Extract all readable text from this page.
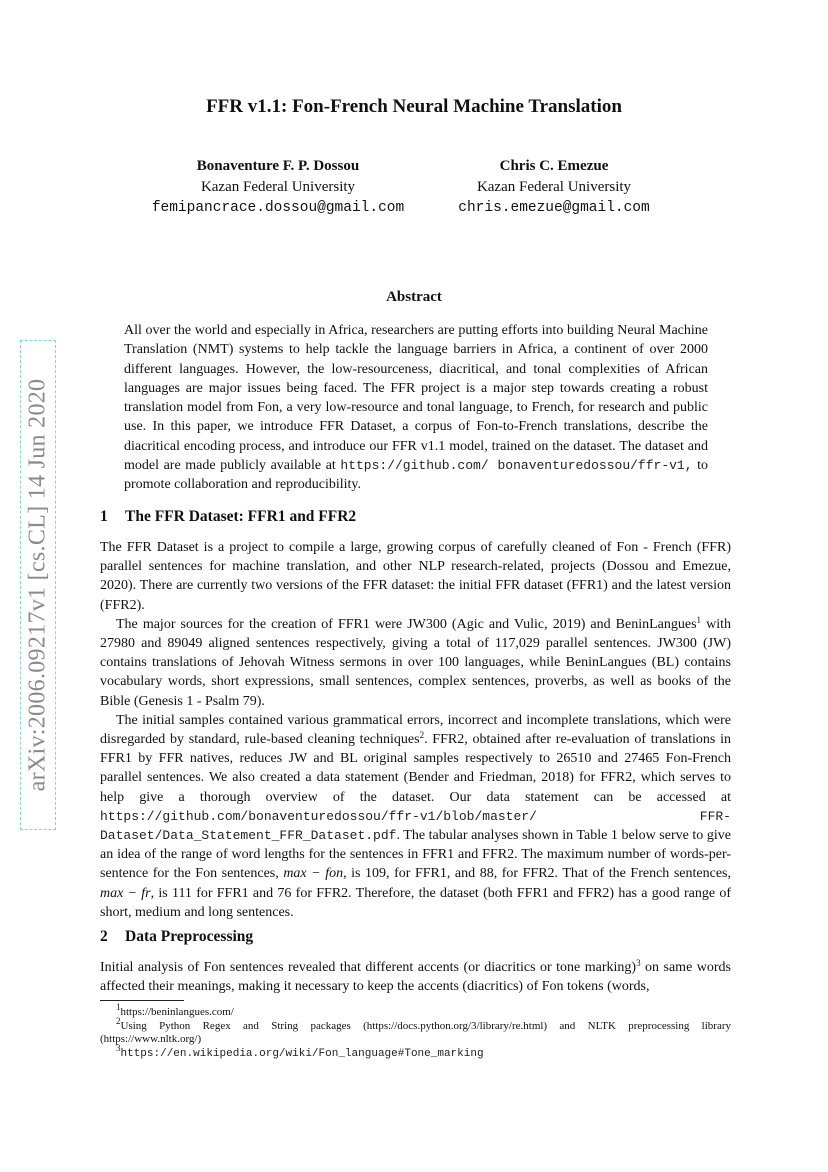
arXiv:2006.09217v1 [cs.CL] 14 Jun 2020
FFR v1.1: Fon-French Neural Machine Translation
Bonaventure F. P. Dossou
Kazan Federal University
femipancrace.dossou@gmail.com
Chris C. Emezue
Kazan Federal University
chris.emezue@gmail.com
Abstract
All over the world and especially in Africa, researchers are putting efforts into building Neural Machine Translation (NMT) systems to help tackle the language barriers in Africa, a continent of over 2000 different languages. However, the low-resourceness, diacritical, and tonal complexities of African languages are major issues being faced. The FFR project is a major step towards creating a robust translation model from Fon, a very low-resource and tonal language, to French, for research and public use. In this paper, we introduce FFR Dataset, a corpus of Fon-to-French translations, describe the diacritical encoding process, and introduce our FFR v1.1 model, trained on the dataset. The dataset and model are made publicly available at https://github.com/ bonaventuredossou/ffr-v1, to promote collaboration and reproducibility.
1 The FFR Dataset: FFR1 and FFR2

The FFR Dataset is a project to compile a large, growing corpus of carefully cleaned of Fon - French (FFR) parallel sentences for machine translation, and other NLP research-related, projects (Dossou and Emezue, 2020). There are currently two versions of the FFR dataset: the initial FFR dataset (FFR1) and the latest version (FFR2).

The major sources for the creation of FFR1 were JW300 (Agic and Vulic, 2019) and BeninLangues$^1$ with 27980 and 89049 aligned sentences respectively, giving a total of 117,029 parallel sentences. JW300 (JW) contains translations of Jehovah Witness sermons in over 100 languages, while BeninLangues (BL) contains vocabulary words, short expressions, small sentences, complex sentences, proverbs, as well as books of the Bible (Genesis 1 - Psalm 79).

The initial samples contained various grammatical errors, incorrect and incomplete translations, which were disregarded by standard, rule-based cleaning techniques$^2$. FFR2, obtained after re-evaluation of translations in FFR1 by FFR natives, reduces JW and BL original samples respectively to 26510 and 27465 Fon-French parallel sentences. We also created a data statement (Bender and Friedman, 2018) for FFR2, which serves to help give a thorough overview of the dataset. Our data statement can be accessed at https://github.com/bonaventuredossou/ffr-v1/blob/master/ FFR-Dataset/Data_Statement_FFR_Dataset.pdf. The tabular analyses shown in Table 1 below serve to give an idea of the range of word lengths for the sentences in FFR1 and FFR2. The maximum number of words-per-sentence for the Fon sentences, max − fon, is 109, for FFR1, and 88, for FFR2. That of the French sentences, max − fr, is 111 for FFR1 and 76 for FFR2. Therefore, the dataset (both FFR1 and FFR2) has a good range of short, medium and long sentences.

2 Data Preprocessing

Initial analysis of Fon sentences revealed that different accents (or diacritics or tone marking)$^3$ on same words affected their meanings, making it necessary to keep the accents (diacritics) of Fon tokens (words,

$^1$https://beninlangues.com/
$^2$Using Python Regex and String packages (https://docs.python.org/3/library/re.html) and NLTK preprocessing library (https://www.nltk.org/)
$^3$https://en.wikipedia.org/wiki/Fon_language#Tone_marking
